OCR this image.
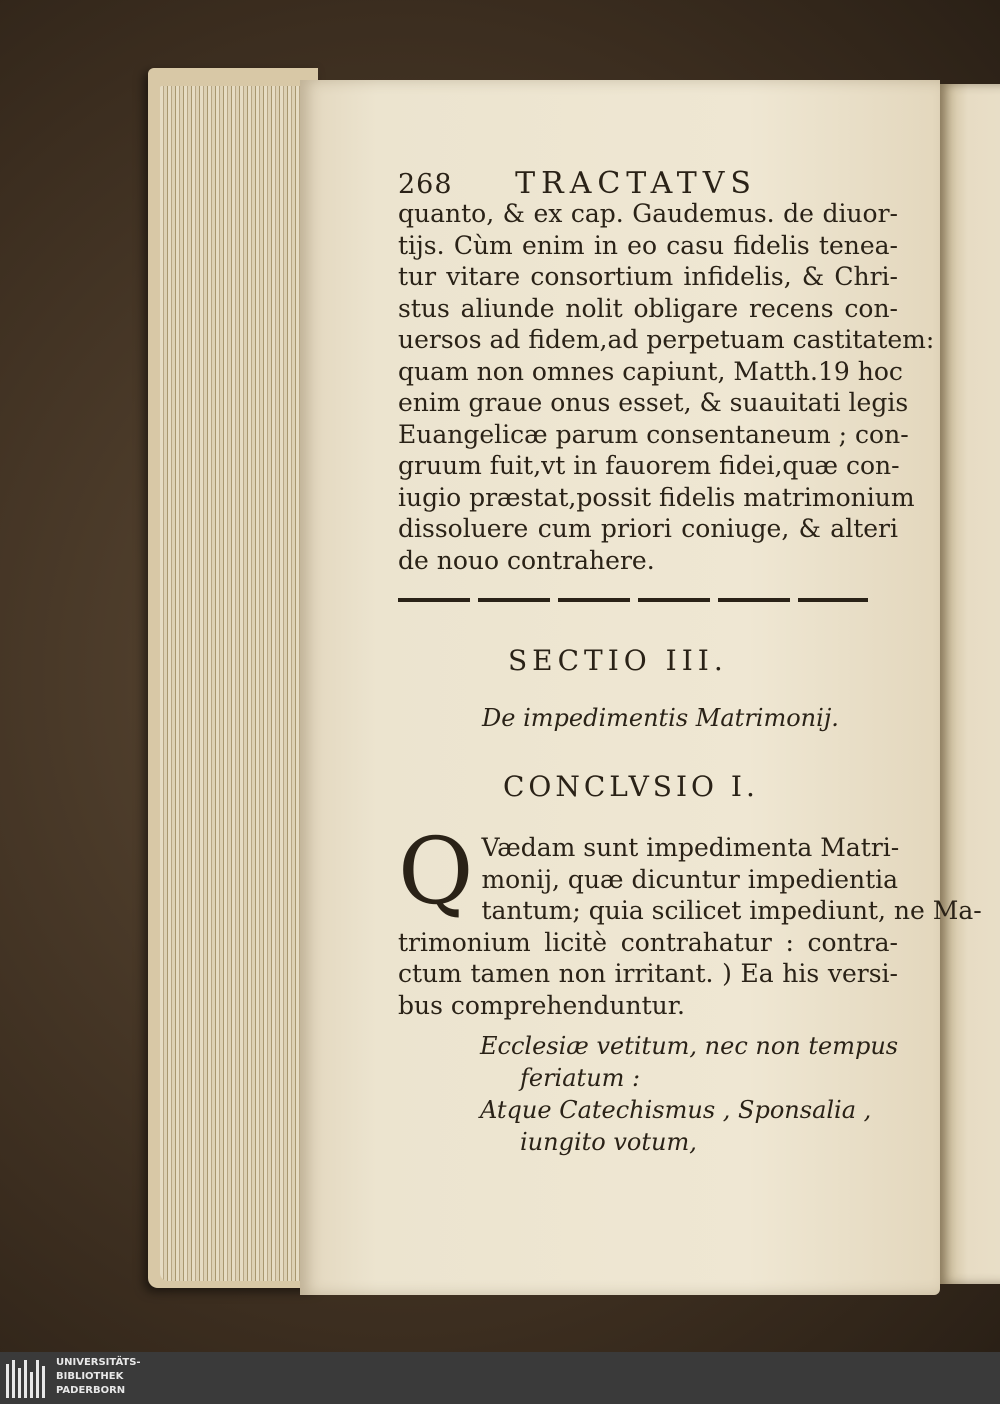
268 TRACTATVS
quanto, & ex cap. Gaudemus. de diuor-
tijs. Cùm enim in eo casu fidelis tenea-
tur vitare consortium infidelis, & Chri-
stus aliunde nolit obligare recens con-
uersos ad fidem,ad perpetuam castitatem:
quam non omnes capiunt, Matth.19 hoc
enim graue onus esset, & suauitati legis
Euangelicæ parum consentaneum ; con-
gruum fuit,vt in fauorem fidei,quæ con-
iugio præstat,possit fidelis matrimonium
dissoluere cum priori coniuge, & alteri
de nouo contrahere.
SECTIO III.
De impedimentis Matrimonij.
CONCLVSIO I.
Q Vædam sunt impedimenta Matri-
monij, quæ dicuntur impedientia
tantum; quia scilicet impediunt, ne Ma-
trimonium licitè contrahatur : contra-
ctum tamen non irritant. ) Ea his versi-
bus comprehenduntur.
Ecclesiæ vetitum, nec non tempus
feriatum :
Atque Catechismus , Sponsalia ,
iungito votum,
UNIVERSITÄTS-
BIBLIOTHEK
PADERBORN
